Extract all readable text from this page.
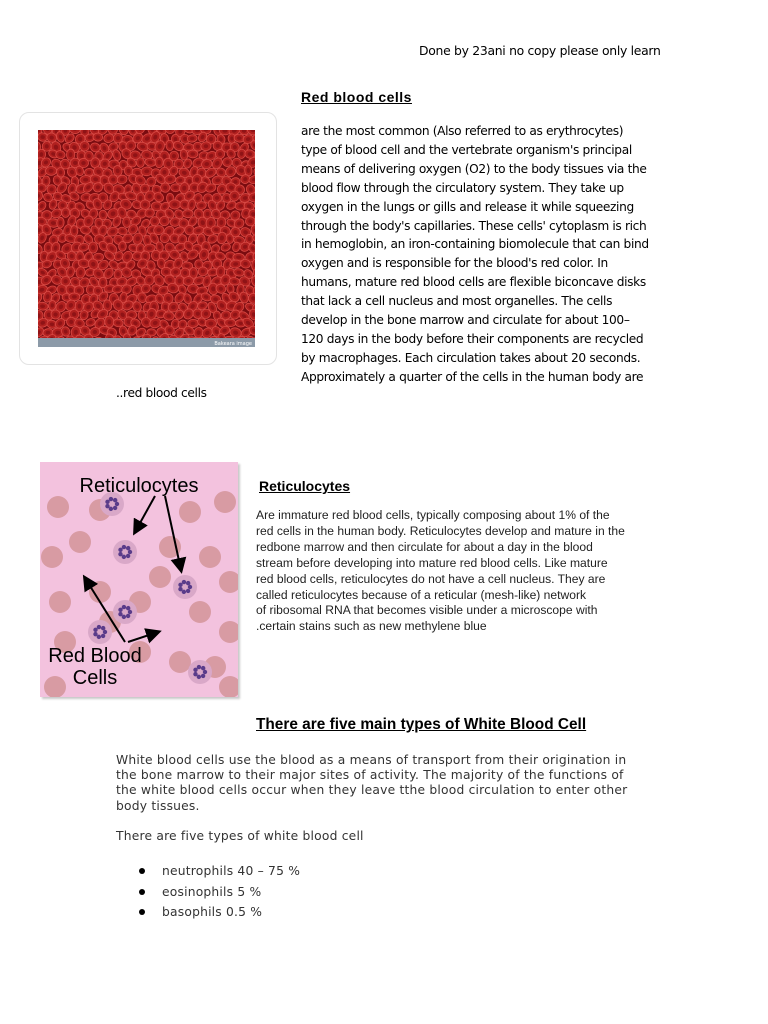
Done by 23ani no copy please only learn
Bakeara image
..red blood cells
Red blood cells
are the most common (Also referred to as erythrocytes)
type of blood cell and the vertebrate organism's principal
means of delivering oxygen (O2) to the body tissues via the
blood flow through the circulatory system. They take up
oxygen in the lungs or gills and release it while squeezing
through the body's capillaries. These cells' cytoplasm is rich
in hemoglobin, an iron-containing biomolecule that can bind
oxygen and is responsible for the blood's red color. In
humans, mature red blood cells are flexible biconcave disks
that lack a cell nucleus and most organelles. The cells
develop in the bone marrow and circulate for about 100–
120 days in the body before their components are recycled
by macrophages. Each circulation takes about 20 seconds.
Approximately a quarter of the cells in the human body are
Reticulocytes
Red Blood
Cells
Reticulocytes
Are immature red blood cells, typically composing about 1% of the
red cells in the human body. Reticulocytes develop and mature in the
redbone marrow and then circulate for about a day in the blood
stream before developing into mature red blood cells. Like mature
red blood cells, reticulocytes do not have a cell nucleus. They are
called reticulocytes because of a reticular (mesh-like) network
of ribosomal RNA that becomes visible under a microscope with
.certain stains such as new methylene blue
There are five main types of White Blood Cell
White blood cells use the blood as a means of transport from their origination in
the bone marrow to their major sites of activity. The majority of the functions of
the white blood cells occur when they leave tthe blood circulation to enter other
body tissues.
There are five types of white blood cell
neutrophils 40 – 75 %
eosinophils 5 %
basophils 0.5 %
